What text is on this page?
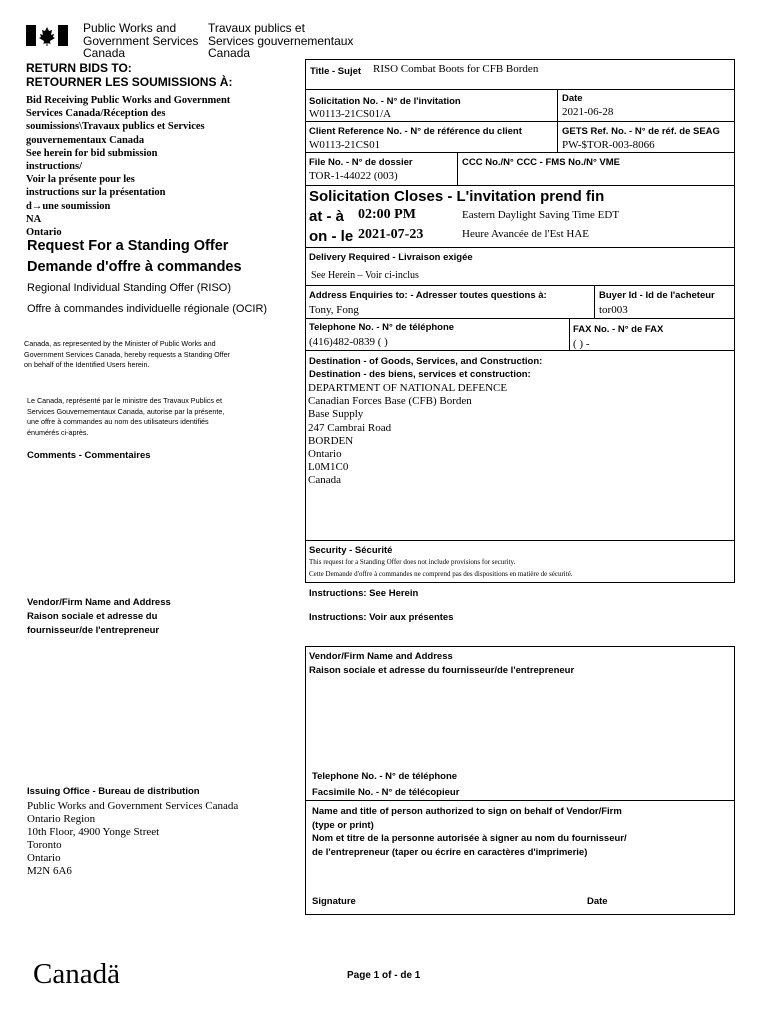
Public Works and
Government Services
Canada
Travaux publics et
Services gouvernementaux
Canada
RETURN BIDS TO:
RETOURNER LES SOUMISSIONS À:
Bid Receiving Public Works and Government
Services Canada/Réception des
soumissions\Travaux publics et Services
gouvernementaux Canada
See herein for bid submission
instructions/
Voir la présente pour les
instructions sur la présentation
d→une soumission
NA
Ontario
Request For a Standing Offer
Demande d'offre à commandes
Regional Individual Standing Offer (RISO)
Offre à commandes individuelle régionale (OCIR)
Canada, as represented by the Minister of Public Works and
Government Services Canada, hereby requests a Standing Offer
on behalf of the Identified Users herein.
Le Canada, représenté par le ministre des Travaux Publics et
Services Gouvernementaux Canada, autorise par la présente,
une offre à commandes au nom des utilisateurs identifiés
énumérés ci-après.
Comments - Commentaires
Vendor/Firm Name and Address
Raison sociale et adresse du
fournisseur/de l'entrepreneur
Issuing Office - Bureau de distribution
Public Works and Government Services Canada
Ontario Region
10th Floor, 4900 Yonge Street
Toronto
Ontario
M2N 6A6
Title - Sujet RISO Combat Boots for CFB Borden
Solicitation No. - N° de l'invitation
W0113-21CS01/A
Date
2021-06-28
Client Reference No. - N° de référence du client
W0113-21CS01
GETS Ref. No. - N° de réf. de SEAG
PW-$TOR-003-8066
File No. - N° de dossier
TOR-1-44022 (003)
CCC No./N° CCC - FMS No./N° VME
Solicitation Closes - L'invitation prend fin
at - à 02:00 PM	Eastern Daylight Saving Time EDT
on - le 2021-07-23	Heure Avancée de l'Est HAE
Delivery Required - Livraison exigée
See Herein – Voir ci-inclus
Address Enquiries to: - Adresser toutes questions à:
Tony, Fong
Buyer Id - Id de l'acheteur
tor003
Telephone No. - N° de téléphone
(416)482-0839 ( )
FAX No. - N° de FAX
( ) -
Destination - of Goods, Services, and Construction:
Destination - des biens, services et construction:
DEPARTMENT OF NATIONAL DEFENCE
Canadian Forces Base (CFB) Borden
Base Supply
247 Cambrai Road
BORDEN
Ontario
L0M1C0
Canada
Security - Sécurité
This request for a Standing Offer does not include provisions for security.
Cette Demande d'offre à commandes ne comprend pas des dispositions en matière de sécurité.
Instructions: See Herein
Instructions: Voir aux présentes
Vendor/Firm Name and Address
Raison sociale et adresse du fournisseur/de l'entrepreneur
Telephone No. - N° de téléphone
Facsimile No. - N° de télécopieur
Name and title of person authorized to sign on behalf of Vendor/Firm
(type or print)
Nom et titre de la personne autorisée à signer au nom du fournisseur/
de l'entrepreneur (taper ou écrire en caractères d'imprimerie)
Signature	Date
Canadä	Page 1 of - de 1
